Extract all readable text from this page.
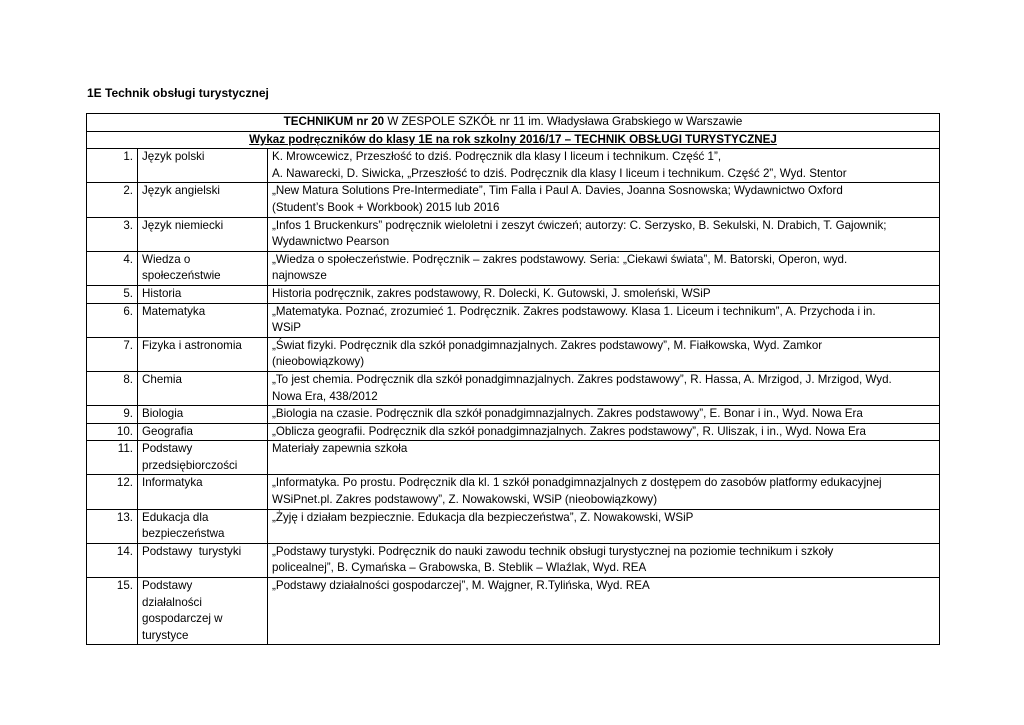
1E Technik obsługi turystycznej
TECHNIKUM nr 20 W ZESPOLE SZKÓŁ nr 11 im. Władysława Grabskiego w Warszawie		
Wykaz podręczników do klasy 1E na rok szkolny 2016/17 – TECHNIK OBSŁUGI TURYSTYCZNEJ		
1.	Język polski	K. Mrowcewicz, Przeszłość to dziś. Podręcznik dla klasy I liceum i technikum. Część 1”,
A. Nawarecki, D. Siwicka, „Przeszłość to dziś. Podręcznik dla klasy I liceum i technikum. Część 2”, Wyd. Stentor

2.	Język angielski	„New Matura Solutions Pre-Intermediate”, Tim Falla i Paul A. Davies, Joanna Sosnowska; Wydawnictwo Oxford
(Student’s Book + Workbook) 2015 lub 2016

3.	Język niemiecki	„Infos 1 Bruckenkurs” podręcznik wieloletni i zeszyt ćwiczeń; autorzy: C. Serzysko, B. Sekulski, N. Drabich, T. Gajownik;
Wydawnictwo Pearson

4.	Wiedza o
społeczeństwie	„Wiedza o społeczeństwie. Podręcznik – zakres podstawowy. Seria: „Ciekawi świata”, M. Batorski, Operon, wyd.
najnowsze

5.	Historia	Historia podręcznik, zakres podstawowy, R. Dolecki, K. Gutowski, J. smoleński, WSiP

6.	Matematyka	„Matematyka. Poznać, zrozumieć 1. Podręcznik. Zakres podstawowy. Klasa 1. Liceum i technikum”, A. Przychoda i in.
WSiP

7.	Fizyka i astronomia	„Świat fizyki. Podręcznik dla szkół ponadgimnazjalnych. Zakres podstawowy”, M. Fiałkowska, Wyd. Zamkor
(nieobowiązkowy)

8.	Chemia	„To jest chemia. Podręcznik dla szkół ponadgimnazjalnych. Zakres podstawowy”, R. Hassa, A. Mrzigod, J. Mrzigod, Wyd.
Nowa Era, 438/2012

9.	Biologia	„Biologia na czasie. Podręcznik dla szkół ponadgimnazjalnych. Zakres podstawowy”, E. Bonar i in., Wyd. Nowa Era

10.	Geografia	„Oblicza geografii. Podręcznik dla szkół ponadgimnazjalnych. Zakres podstawowy”, R. Uliszak, i in., Wyd. Nowa Era

11.	Podstawy
przedsiębiorczości	Materiały zapewnia szkoła

12.	Informatyka	„Informatyka. Po prostu. Podręcznik dla kl. 1 szkół ponadgimnazjalnych z dostępem do zasobów platformy edukacyjnej
WSiPnet.pl. Zakres podstawowy”, Z. Nowakowski, WSiP (nieobowiązkowy)

13.	Edukacja dla
bezpieczeństwa	„Żyję i działam bezpiecznie. Edukacja dla bezpieczeństwa”, Z. Nowakowski, WSiP

14.	Podstawy  turystyki	„Podstawy turystyki. Podręcznik do nauki zawodu technik obsługi turystycznej na poziomie technikum i szkoły
policealnej”, B. Cymańska – Grabowska, B. Steblik – Wlaźlak, Wyd. REA

15.	Podstawy
działalności
gospodarczej w
turystyce	„Podstawy działalności gospodarczej”, M. Wajgner, R.Tylińska, Wyd. REA
